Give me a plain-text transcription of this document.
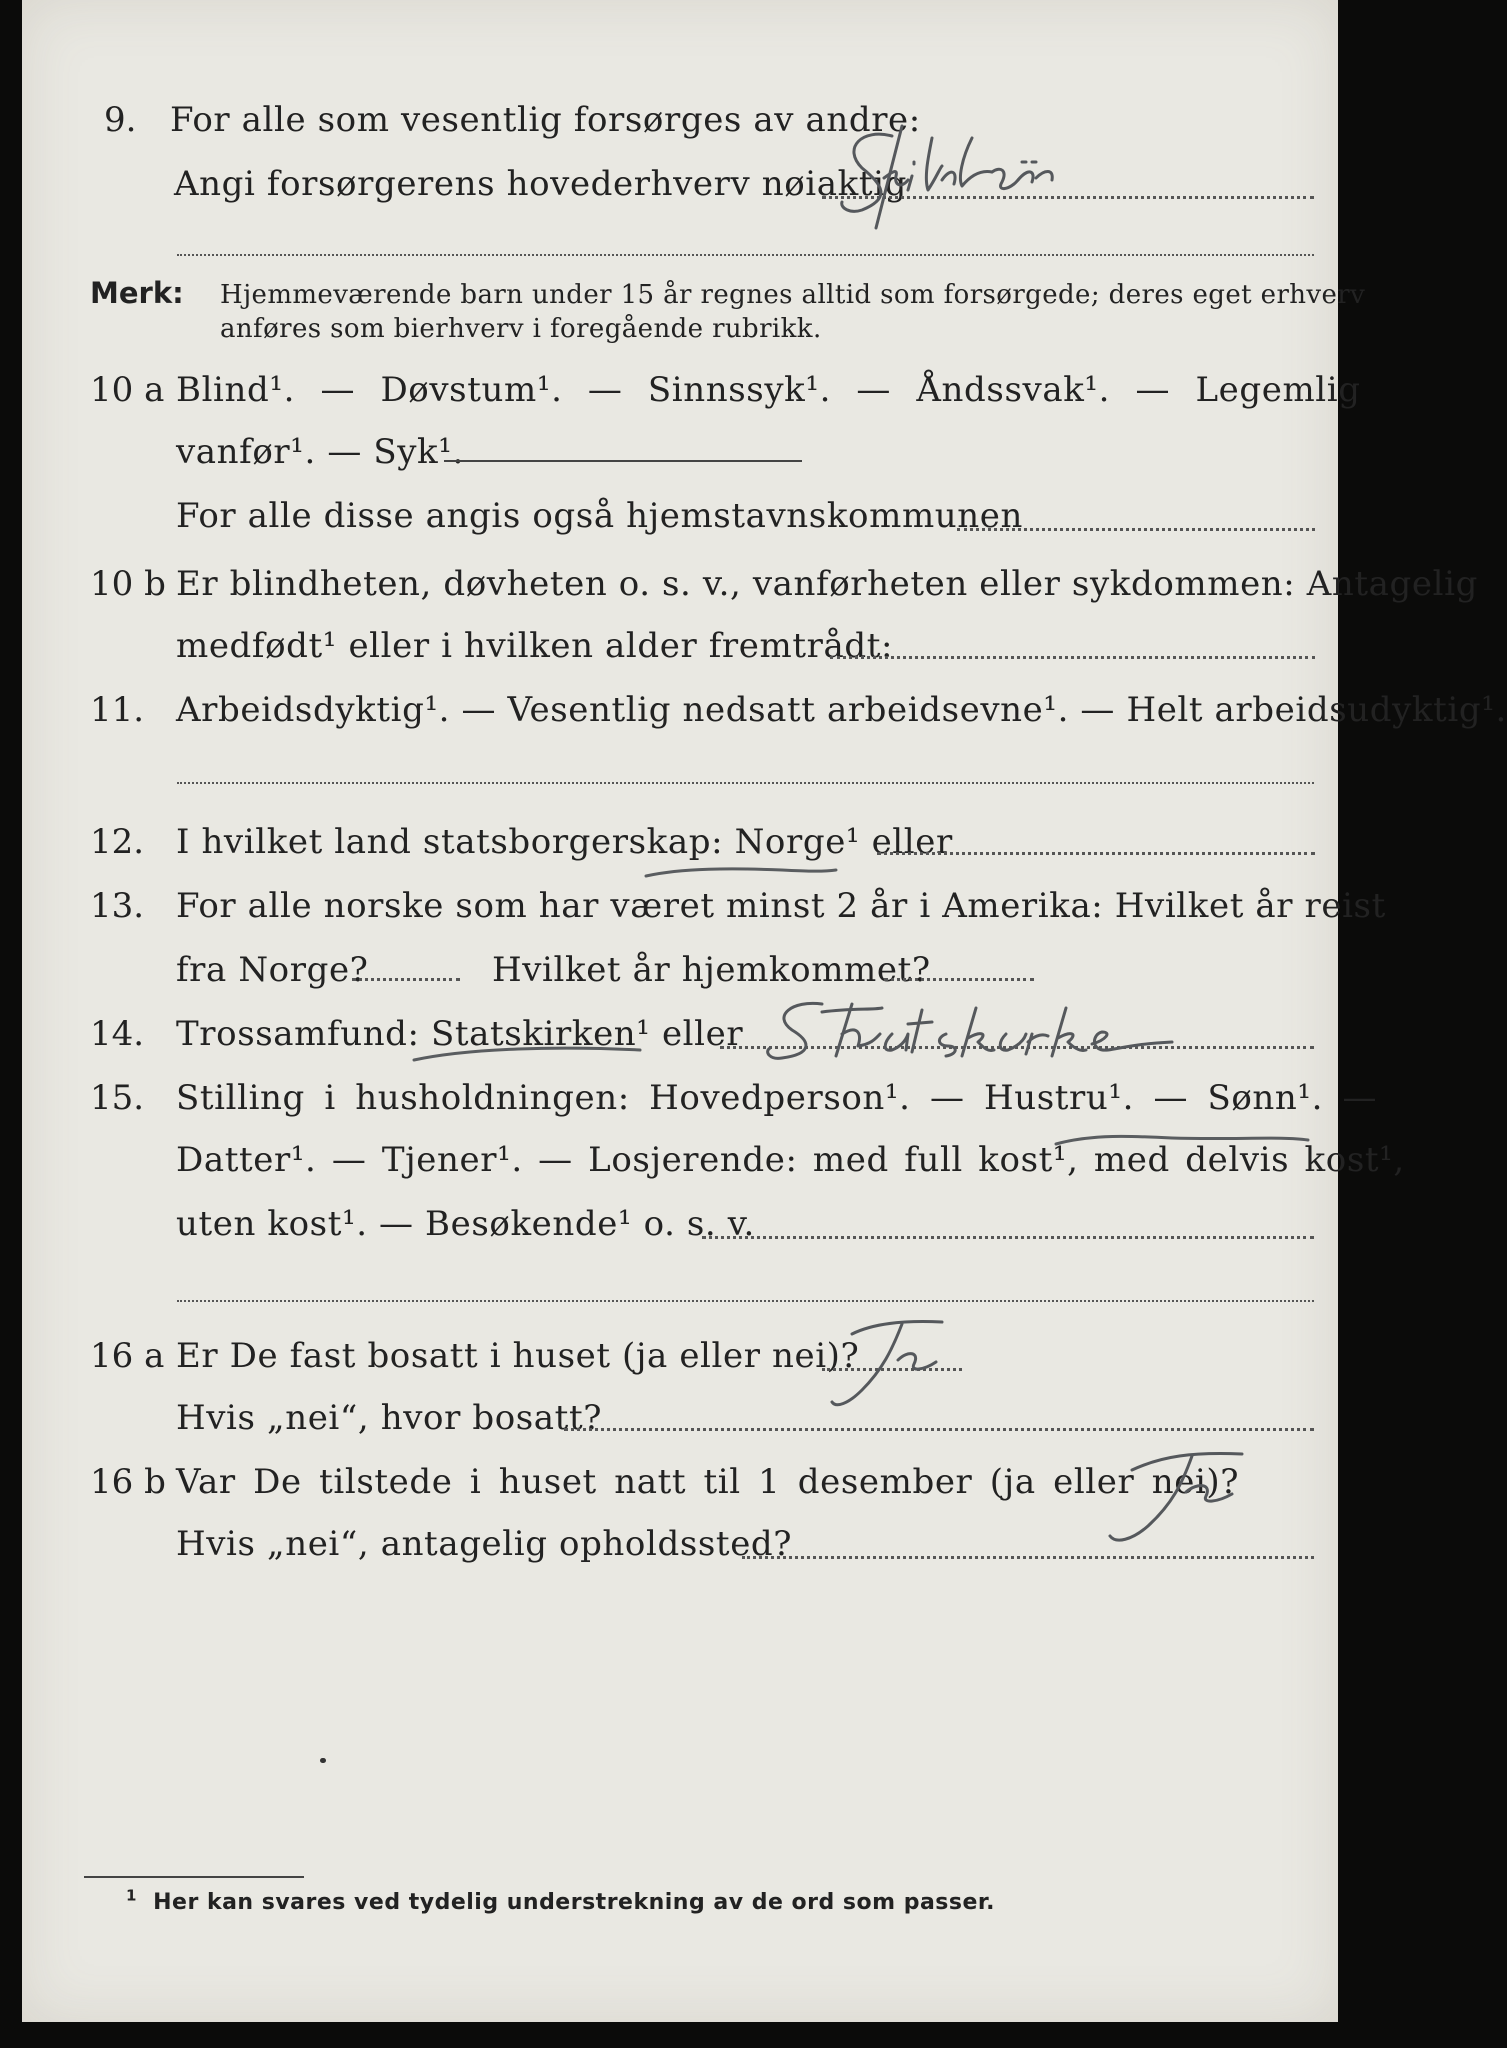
9. For alle som vesentlig forsørges av andre:
Angi forsørgerens hovederhverv nøiaktig
Merk: Hjemmeværende barn under 15 år regnes alltid som forsørgede; deres eget erhverv
anføres som bierhverv i foregående rubrikk.
10 a Blind¹. — Døvstum¹. — Sinnssyk¹. — Åndssvak¹. — Legemlig
vanfør¹. — Syk¹.
For alle disse angis også hjemstavnskommunen
10 b Er blindheten, døvheten o. s. v., vanførheten eller sykdommen: Antagelig
medfødt¹ eller i hvilken alder fremtrådt:
11. Arbeidsdyktig¹. — Vesentlig nedsatt arbeidsevne¹. — Helt arbeidsudyktig¹.
12. I hvilket land statsborgerskap: Norge¹ eller
13. For alle norske som har været minst 2 år i Amerika: Hvilket år reist
fra Norge?	Hvilket år hjemkommet?
14. Trossamfund: Statskirken¹ eller
15. Stilling i husholdningen: Hovedperson¹. — Hustru¹. — Sønn¹. —
Datter¹. — Tjener¹. — Losjerende: med full kost¹, med delvis kost¹,
uten kost¹. — Besøkende¹ o. s. v.
16 a Er De fast bosatt i huset (ja eller nei)?
Hvis „nei“, hvor bosatt?
16 b Var De tilstede i huset natt til 1 desember (ja eller nei)?
Hvis „nei“, antagelig opholdssted?
$^1$ Her kan svares ved tydelig understrekning av de ord som passer.
